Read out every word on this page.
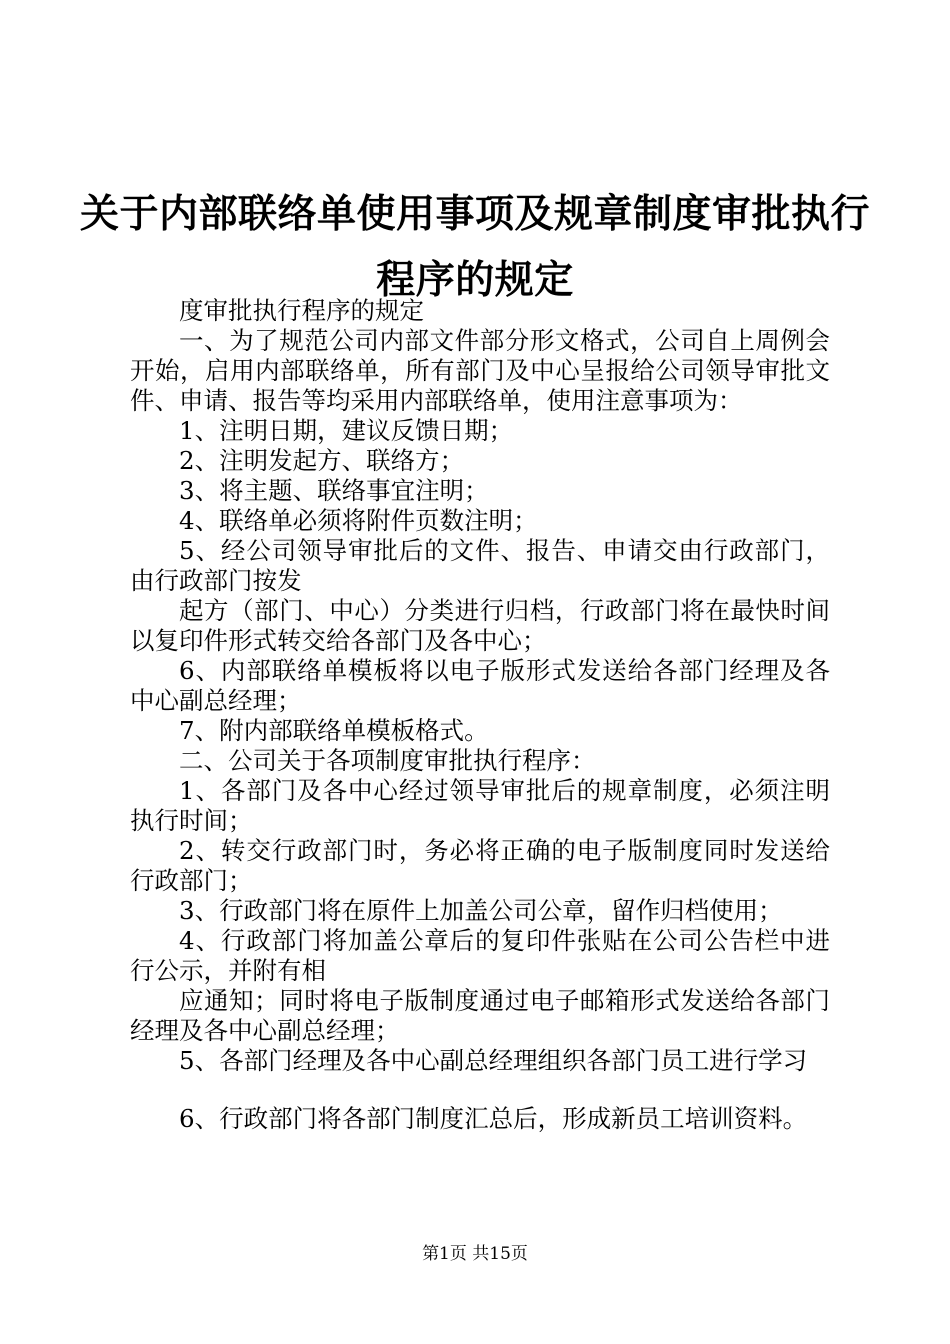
关于内部联络单使用事项及规章制度审批执行
程序的规定

度审批执行程序的规定

一、为了规范公司内部文件部分形文格式，公司自上周例会开始，启用内部联络单，所有部门及中心呈报给公司领导审批文件、申请、报告等均采用内部联络单，使用注意事项为：

1、注明日期，建议反馈日期；

2、注明发起方、联络方；

3、将主题、联络事宜注明；

4、联络单必须将附件页数注明；

5、经公司领导审批后的文件、报告、申请交由行政部门，由行政部门按发

起方（部门、中心）分类进行归档，行政部门将在最快时间以复印件形式转交给各部门及各中心；

6、内部联络单模板将以电子版形式发送给各部门经理及各中心副总经理；

7、附内部联络单模板格式。

二、公司关于各项制度审批执行程序：

1、各部门及各中心经过领导审批后的规章制度，必须注明执行时间；

2、转交行政部门时，务必将正确的电子版制度同时发送给行政部门；

3、行政部门将在原件上加盖公司公章，留作归档使用；

4、行政部门将加盖公章后的复印件张贴在公司公告栏中进行公示，并附有相

应通知；同时将电子版制度通过电子邮箱形式发送给各部门经理及各中心副总经理；

5、各部门经理及各中心副总经理组织各部门员工进行学习

6、行政部门将各部门制度汇总后，形成新员工培训资料。

第1页 共15页
